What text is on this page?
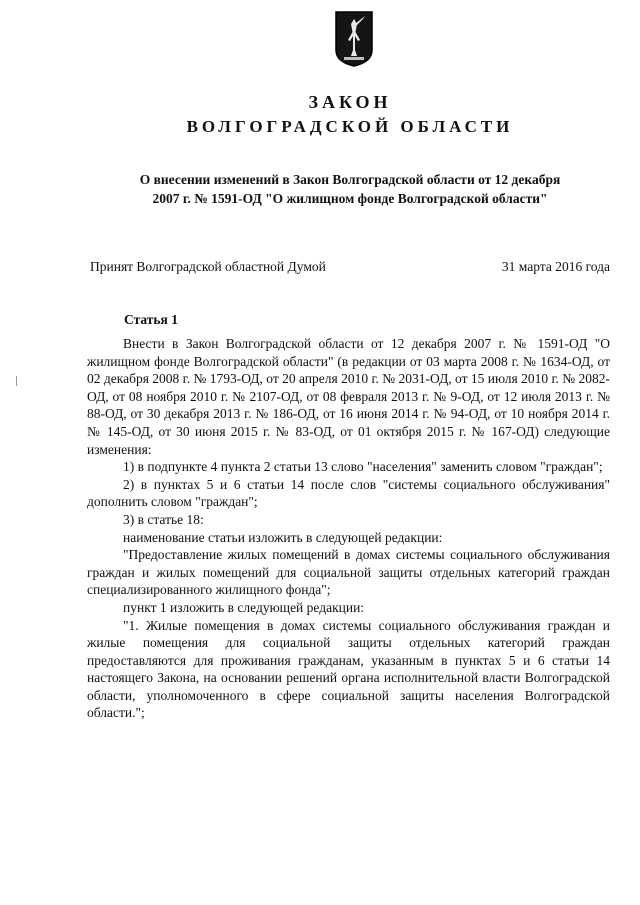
ЗАКОН
ВОЛГОГРАДСКОЙ ОБЛАСТИ
О внесении изменений в Закон Волгоградской области от 12 декабря
2007 г. № 1591-ОД "О жилищном фонде Волгоградской области"
Принят Волгоградской областной Думой	31 марта 2016 года
Статья 1

Внести в Закон Волгоградской области от 12 декабря 2007 г. № 1591-ОД "О жилищном фонде Волгоградской области" (в редакции от 03 марта 2008 г. № 1634-ОД, от 02 декабря 2008 г. № 1793-ОД, от 20 апреля 2010 г. № 2031-ОД, от 15 июля 2010 г. № 2082-ОД, от 08 ноября 2010 г. № 2107-ОД, от 08 февраля 2013 г. № 9-ОД, от 12 июля 2013 г. № 88-ОД, от 30 декабря 2013 г. № 186-ОД, от 16 июня 2014 г. № 94-ОД, от 10 ноября 2014 г. № 145-ОД, от 30 июня 2015 г. № 83-ОД, от 01 октября 2015 г. № 167-ОД) следующие изменения:

1) в подпункте 4 пункта 2 статьи 13 слово "населения" заменить словом "граждан";

2) в пунктах 5 и 6 статьи 14 после слов "системы социального обслуживания" дополнить словом "граждан";

3) в статье 18:

наименование статьи изложить в следующей редакции:

"Предоставление жилых помещений в домах системы социального обслуживания граждан и жилых помещений для социальной защиты отдельных категорий граждан специализированного жилищного фонда";

пункт 1 изложить в следующей редакции:

"1. Жилые помещения в домах системы социального обслуживания граждан и жилые помещения для социальной защиты отдельных категорий граждан предоставляются для проживания гражданам, указанным в пунктах 5 и 6 статьи 14 настоящего Закона, на основании решений органа исполнительной власти Волгоградской области, уполномоченного в сфере социальной защиты населения Волгоградской области.";
